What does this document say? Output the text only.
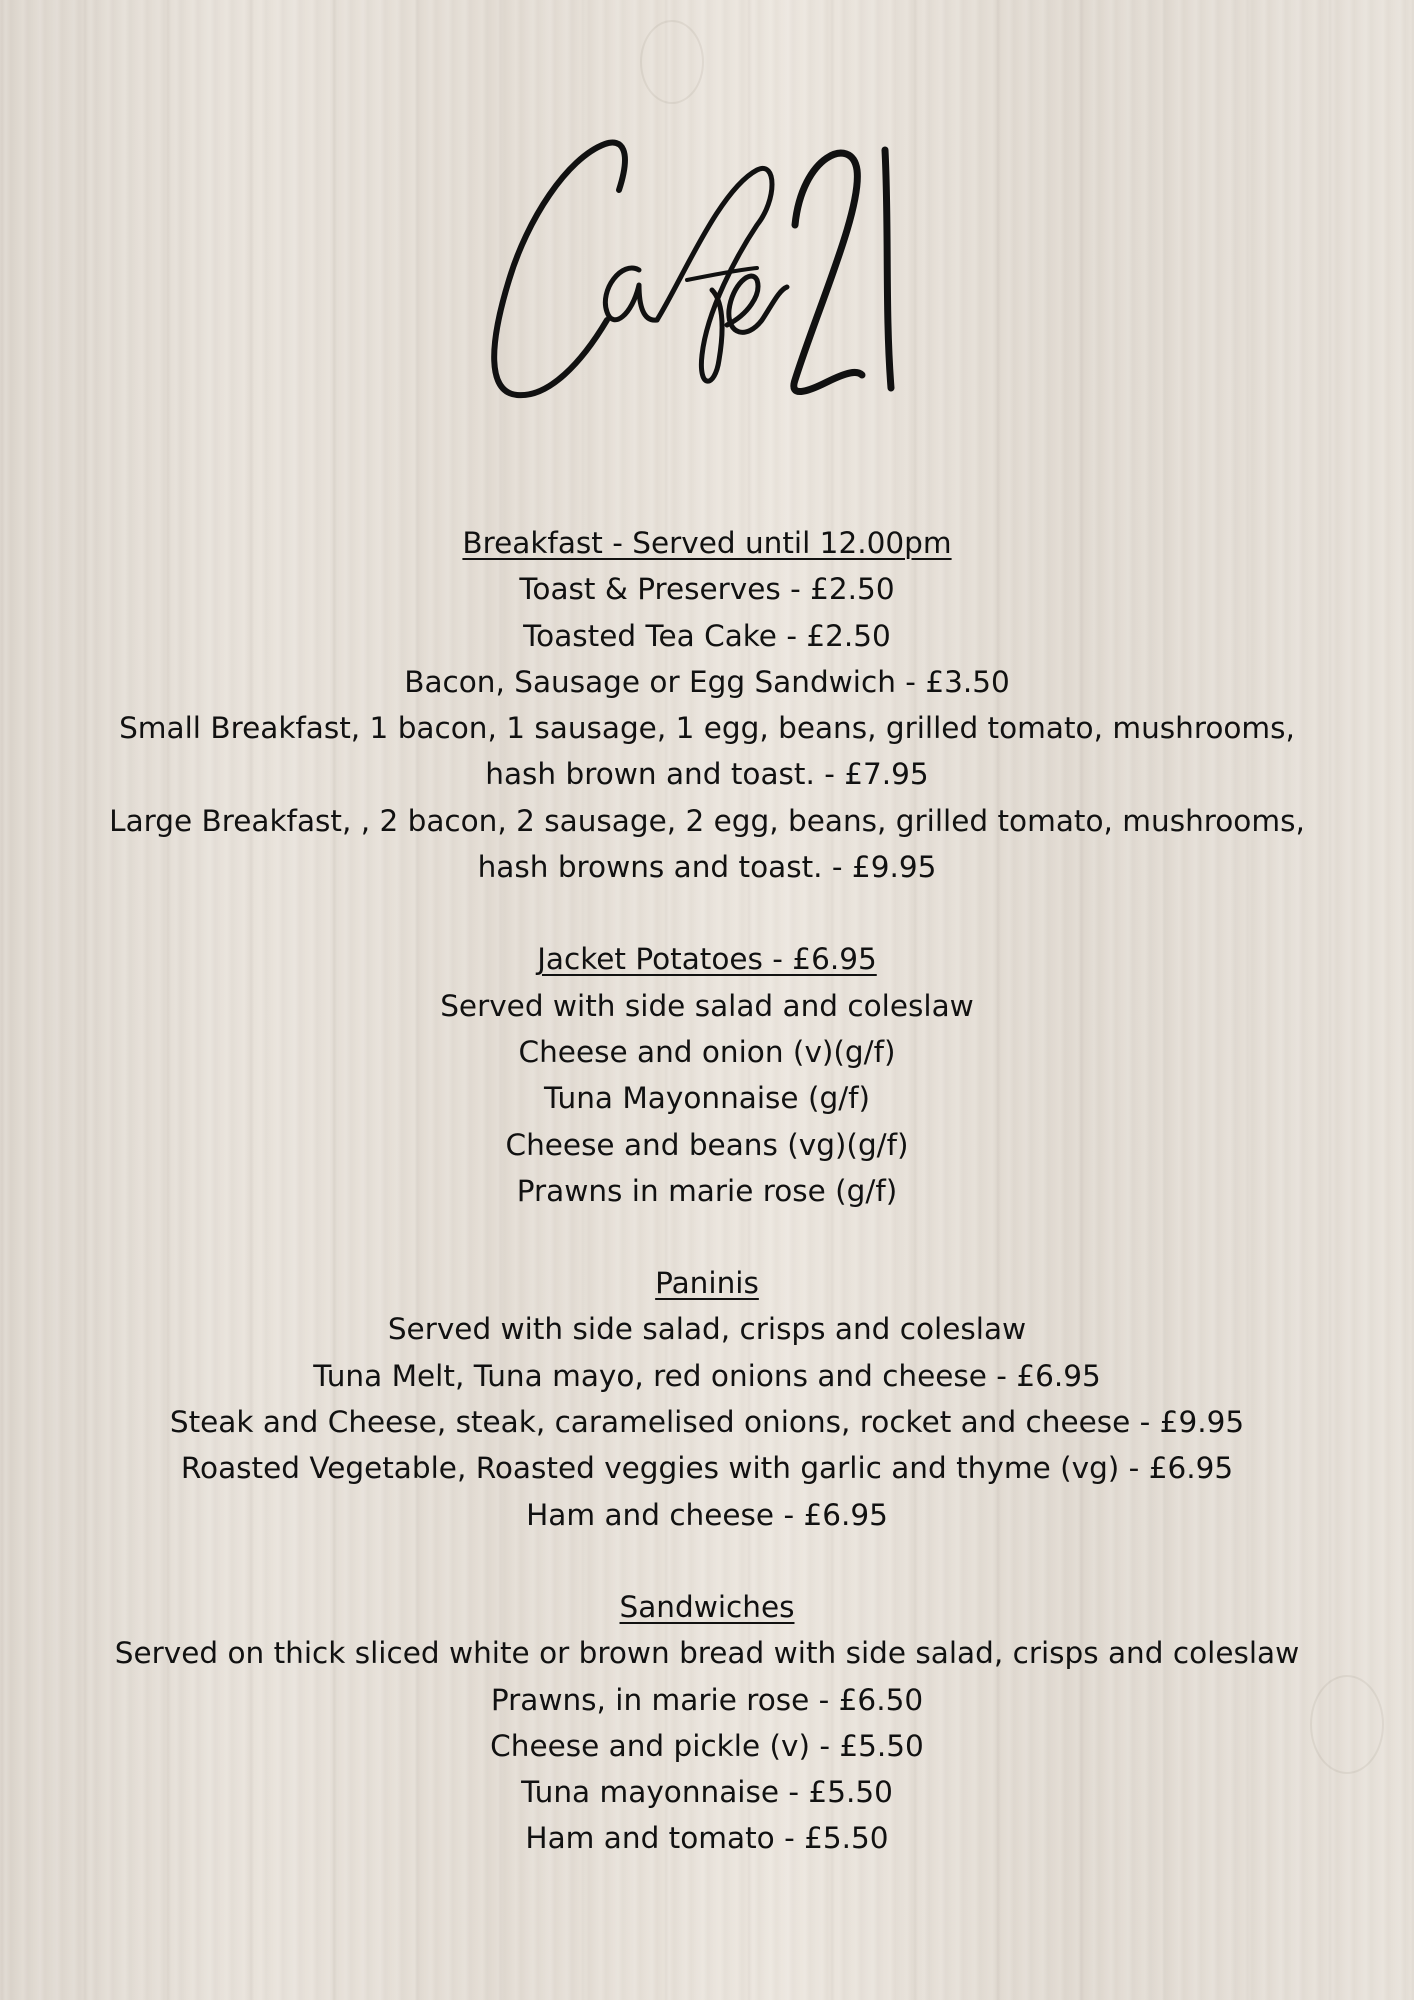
Breakfast - Served until 12.00pm

Toast & Preserves - £2.50

Toasted Tea Cake - £2.50

Bacon, Sausage or Egg Sandwich - £3.50

Small Breakfast, 1 bacon, 1 sausage, 1 egg, beans, grilled tomato, mushrooms,

hash brown and toast. - £7.95

Large Breakfast, , 2 bacon, 2 sausage, 2 egg, beans, grilled tomato, mushrooms,

hash browns and toast. - £9.95

Jacket Potatoes - £6.95

Served with side salad and coleslaw

Cheese and onion (v)(g/f)

Tuna Mayonnaise (g/f)

Cheese and beans (vg)(g/f)

Prawns in marie rose (g/f)

Paninis

Served with side salad, crisps and coleslaw

Tuna Melt, Tuna mayo, red onions and cheese - £6.95

Steak and Cheese, steak, caramelised onions, rocket and cheese - £9.95

Roasted Vegetable, Roasted veggies with garlic and thyme (vg) - £6.95

Ham and cheese - £6.95

Sandwiches

Served on thick sliced white or brown bread with side salad, crisps and coleslaw

Prawns, in marie rose - £6.50

Cheese and pickle (v) - £5.50

Tuna mayonnaise - £5.50

Ham and tomato - £5.50
